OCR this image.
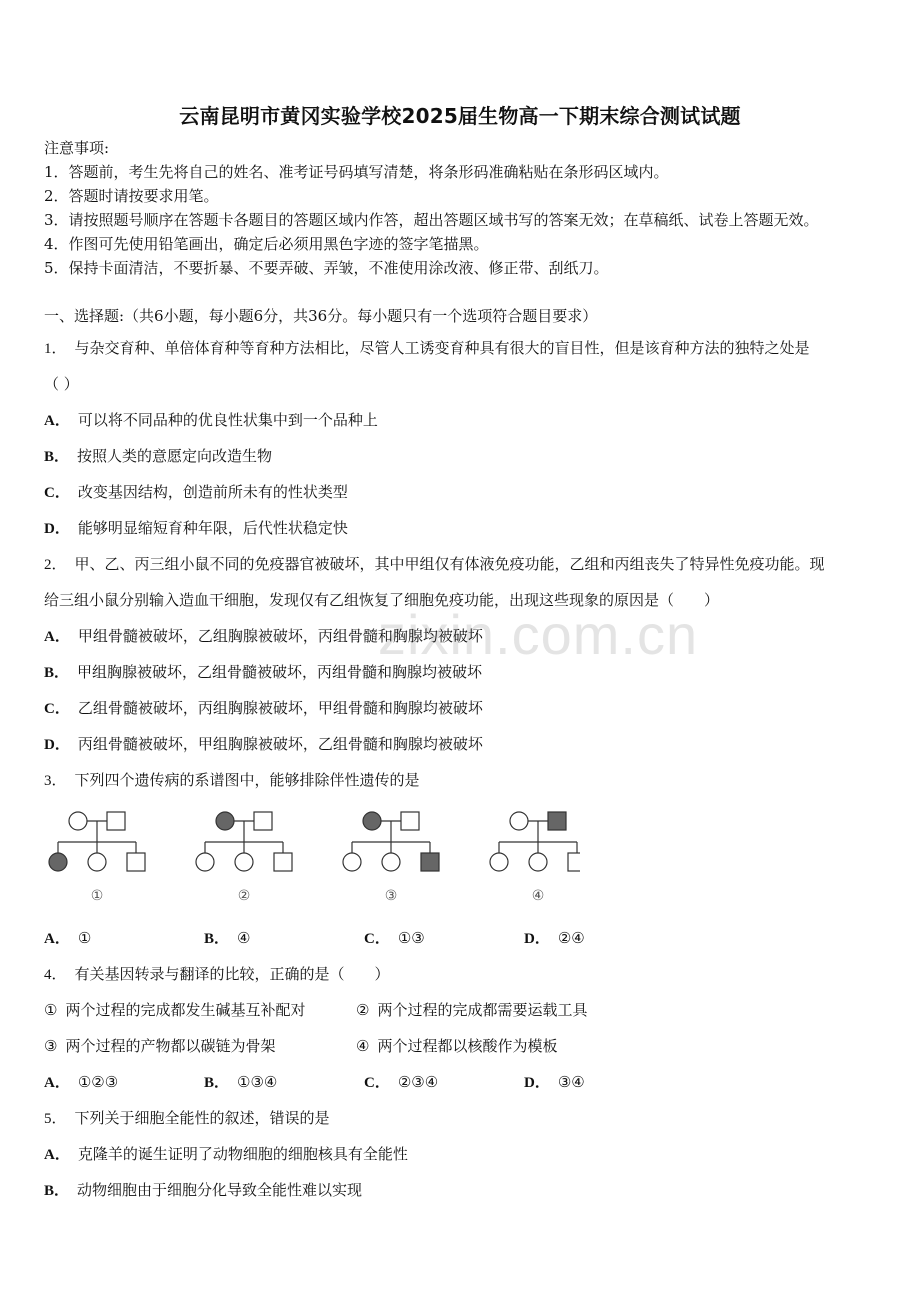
zixin.com.cn
云南昆明市黄冈实验学校2025届生物高一下期末综合测试试题
注意事项:
1．答题前，考生先将自己的姓名、准考证号码填写清楚，将条形码准确粘贴在条形码区域内。
2．答题时请按要求用笔。
3．请按照题号顺序在答题卡各题目的答题区域内作答，超出答题区域书写的答案无效；在草稿纸、试卷上答题无效。
4．作图可先使用铅笔画出，确定后必须用黑色字迹的签字笔描黑。
5．保持卡面清洁，不要折暴、不要弄破、弄皱，不准使用涂改液、修正带、刮纸刀。
一、选择题:（共6小题，每小题6分，共36分。每小题只有一个选项符合题目要求）
1． 与杂交育种、单倍体育种等育种方法相比，尽管人工诱变育种具有很大的盲目性，但是该育种方法的独特之处是
（ ）
A． 可以将不同品种的优良性状集中到一个品种上
B． 按照人类的意愿定向改造生物
C． 改变基因结构，创造前所未有的性状类型
D． 能够明显缩短育种年限，后代性状稳定快
2． 甲、乙、丙三组小鼠不同的免疫器官被破坏，其中甲组仅有体液免疫功能，乙组和丙组丧失了特异性免疫功能。现
给三组小鼠分别输入造血干细胞，发现仅有乙组恢复了细胞免疫功能，出现这些现象的原因是（　　）
A． 甲组骨髓被破坏，乙组胸腺被破坏，丙组骨髓和胸腺均被破坏
B． 甲组胸腺被破坏，乙组骨髓被破坏，丙组骨髓和胸腺均被破坏
C． 乙组骨髓被破坏，丙组胸腺被破坏，甲组骨髓和胸腺均被破坏
D． 丙组骨髓被破坏，甲组胸腺被破坏，乙组骨髓和胸腺均被破坏
3． 下列四个遗传病的系谱图中，能够排除伴性遗传的是
①	②	③	④
A． ①	B． ④	C． ①③	D． ②④
4． 有关基因转录与翻译的比较，正确的是（　　）
① 两个过程的完成都发生碱基互补配对	② 两个过程的完成都需要运载工具
③ 两个过程的产物都以碳链为骨架	④ 两个过程都以核酸作为模板
A． ①②③	B． ①③④	C． ②③④	D． ③④
5． 下列关于细胞全能性的叙述，错误的是
A． 克隆羊的诞生证明了动物细胞的细胞核具有全能性
B． 动物细胞由于细胞分化导致全能性难以实现
